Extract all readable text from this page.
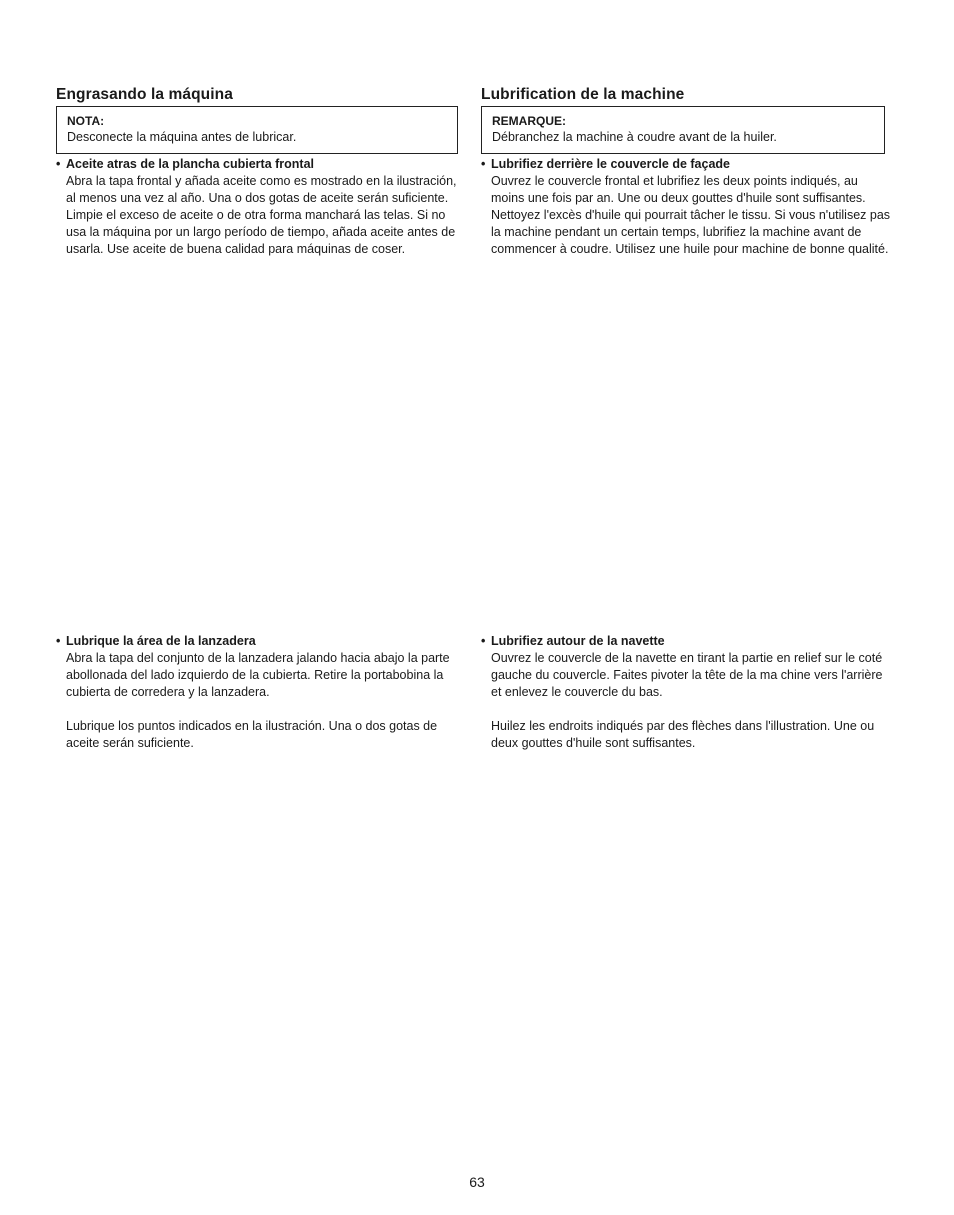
Engrasando la máquina
NOTA:
Desconecte la máquina antes de lubricar.
• Aceite atras de la plancha cubierta frontal
Abra la tapa frontal y añada aceite como es mostrado en la ilustración, al menos una vez al año. Una o dos gotas de aceite serán suficiente. Limpie el exceso de aceite o de otra forma manchará las telas. Si no usa la máquina por un largo período de tiempo, añada aceite antes de usarla. Use aceite de buena calidad para máquinas de coser.
• Lubrique la área de la lanzadera
Abra la tapa del conjunto de la lanzadera jalando hacia abajo la parte abollonada del lado izquierdo de la cubierta. Retire la portabobina la cubierta de corredera y la lanzadera.
Lubrique los puntos indicados en la ilustración. Una o dos gotas de aceite serán suficiente.
Lubrification de la machine
REMARQUE:
Débranchez la machine à coudre avant de la huiler.
• Lubrifiez derrière le couvercle de façade
Ouvrez le couvercle frontal et lubrifiez les deux points indiqués, au moins une fois par an. Une ou deux gouttes d'huile sont suffisantes. Nettoyez l'excès d'huile qui pourrait tâcher le tissu. Si vous n'utilisez pas la machine pendant un certain temps, lubrifiez la machine avant de commencer à coudre. Utilisez une huile pour machine de bonne qualité.
• Lubrifiez autour de la navette
Ouvrez le couvercle de la navette en tirant la partie en relief sur le coté gauche du couvercle. Faites pivoter la tête de la ma chine vers l'arrière et enlevez le couvercle du bas.
Huilez les endroits indiqués par des flèches dans l'illustration. Une ou deux gouttes d'huile sont suffisantes.
63
